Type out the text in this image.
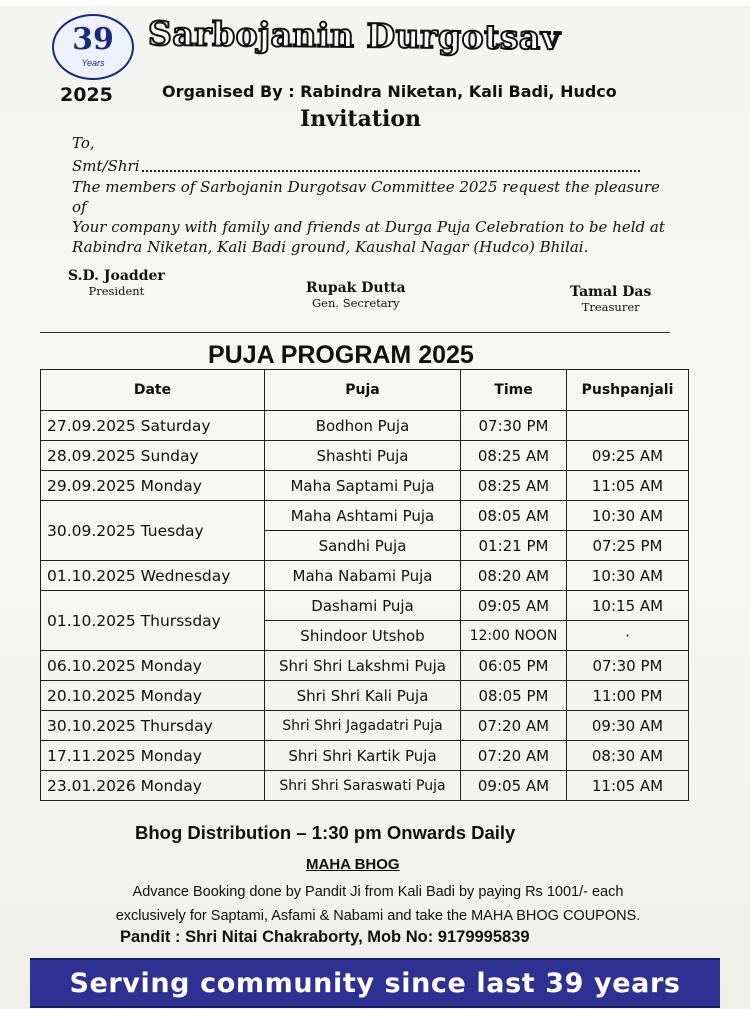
39
Years
2025
Sarbojanin Durgotsav
Organised By : Rabindra Niketan, Kali Badi, Hudco
Invitation
To,
Smt/Shri
The members of Sarbojanin Durgotsav Committee 2025 request the pleasure of
Your company with family and friends at Durga Puja Celebration to be held at
Rabindra Niketan, Kali Badi ground, Kaushal Nagar (Hudco) Bhilai.
S.D. Joadder
President	Rupak Dutta
Gen. Secretary
Tamal Das
Treasurer
PUJA PROGRAM 2025
Date	Puja	Time	Pushpanjali
27.09.2025 Saturday	Bodhon Puja	07:30 PM	
28.09.2025 Sunday	Shashti Puja	08:25 AM	09:25 AM
29.09.2025 Monday	Maha Saptami Puja	08:25 AM	11:05 AM
30.09.2025 Tuesday	Maha Ashtami Puja	08:05 AM	10:30 AM
	Sandhi Puja	01:21 PM	07:25 PM
01.10.2025 Wednesday	Maha Nabami Puja	08:20 AM	10:30 AM
01.10.2025 Thurssday	Dashami Puja	09:05 AM	10:15 AM
	Shindoor Utshob	12:00 NOON	·
06.10.2025 Monday	Shri Shri Lakshmi Puja	06:05 PM	07:30 PM
20.10.2025 Monday	Shri Shri Kali Puja	08:05 PM	11:00 PM
30.10.2025 Thursday	Shri Shri Jagadatri Puja	07:20 AM	09:30 AM
17.11.2025 Monday	Shri Shri Kartik Puja	07:20 AM	08:30 AM
23.01.2026 Monday	Shri Shri Saraswati Puja	09:05 AM	11:05 AM
Bhog Distribution – 1:30 pm Onwards Daily
MAHA BHOG
Advance Booking done by Pandit Ji from Kali Badi by paying Rs 1001/- each
exclusively for Saptami, Asfami & Nabami and take the MAHA BHOG COUPONS.
Pandit : Shri Nitai Chakraborty, Mob No: 9179995839
Serving community since last 39 years
